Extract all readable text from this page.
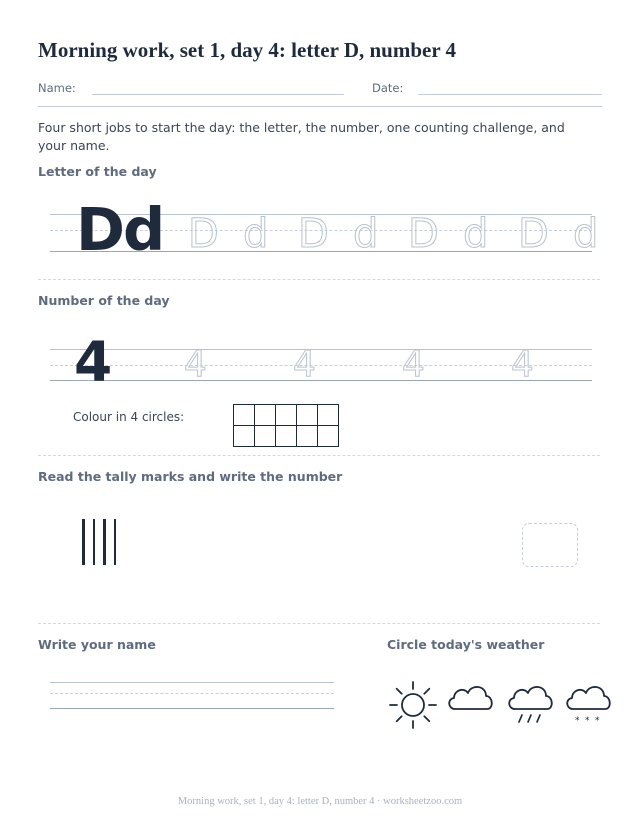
Morning work, set 1, day 4: letter D, number 4
Name:	Date:
Four short jobs to start the day: the letter, the number, one counting challenge, and your name.
Letter of the day
Dd D d D d D d D d
Number of the day
4 4 4 4 4
Colour in 4 circles:

Read the tally marks and write the number
Write your name	Circle today's weather
* * *
Morning work, set 1, day 4: letter D, number 4 · worksheetzoo.com
